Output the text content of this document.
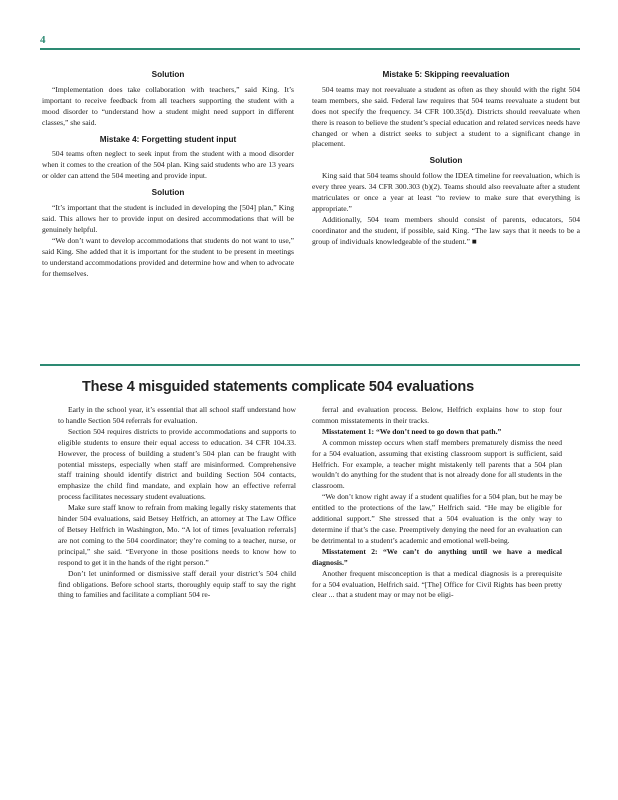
4
Solution

“Implementation does take collaboration with teachers,” said King. It’s important to receive feedback from all teachers supporting the student with a mood disorder to “understand how a student might need support in different classes,” she said.

Mistake 4: Forgetting student input

504 teams often neglect to seek input from the student with a mood disorder when it comes to the creation of the 504 plan. King said students who are 13 years or older can attend the 504 meeting and provide input.

Solution

“It’s important that the student is included in developing the [504] plan,” King said. This allows her to provide input on desired accommodations that will be genuinely helpful.

“We don’t want to develop accommodations that students do not want to use,” said King. She added that it is important for the student to be present in meetings to understand accommodations provided and determine how and when to advocate for themselves.

Mistake 5: Skipping reevaluation

504 teams may not reevaluate a student as often as they should with the right 504 team members, she said. Federal law requires that 504 teams reevaluate a student but does not specify the frequency. 34 CFR 100.35(d). Districts should reevaluate when there is reason to believe the student’s special education and related services needs have changed or when a district seeks to subject a student to a significant change in placement.

Solution

King said that 504 teams should follow the IDEA timeline for reevaluation, which is every three years. 34 CFR 300.303 (b)(2). Teams should also reevaluate after a student matriculates or once a year at least “to review to make sure that everything is appropriate.”

Additionally, 504 team members should consist of parents, educators, 504 coordinator and the student, if possible, said King. “The law says that it needs to be a group of individuals knowledgeable of the student.” ■

These 4 misguided statements complicate 504 evaluations

Early in the school year, it’s essential that all school staff understand how to handle Section 504 referrals for evaluation.

Section 504 requires districts to provide accommodations and supports to eligible students to ensure their equal access to education. 34 CFR 104.33. However, the process of building a student’s 504 plan can be fraught with potential missteps, especially when staff are misinformed. Comprehensive staff training should identify district and building Section 504 contacts, emphasize the child find mandate, and explain how an effective referral process facilitates necessary student evaluations.

Make sure staff know to refrain from making legally risky statements that hinder 504 evaluations, said Betsey Helfrich, an attorney at The Law Office of Betsey Helfrich in Washington, Mo. “A lot of times [evaluation referrals] are not coming to the 504 coordinator; they’re coming to a teacher, nurse, or principal,” she said. “Everyone in those positions needs to know how to respond to get it in the hands of the right person.”

Don’t let uninformed or dismissive staff derail your district’s 504 child find obligations. Before school starts, thoroughly equip staff to say the right thing to families and facilitate a compliant 504 re-

ferral and evaluation process. Below, Helfrich explains how to stop four common misstatements in their tracks.

Misstatement 1: “We don’t need to go down that path.”

A common misstep occurs when staff members prematurely dismiss the need for a 504 evaluation, assuming that existing classroom support is sufficient, said Helfrich. For example, a teacher might mistakenly tell parents that a 504 plan wouldn’t do anything for the student that is not already done for all students in the classroom.

“We don’t know right away if a student qualifies for a 504 plan, but he may be entitled to the protections of the law,” Helfrich said. “He may be eligible for additional support.” She stressed that a 504 evaluation is the only way to determine if that’s the case. Preemptively denying the need for an evaluation can be detrimental to a student’s academic and emotional well-being.

Misstatement 2: “We can’t do anything until we have a medical diagnosis.”

Another frequent misconception is that a medical diagnosis is a prerequisite for a 504 evaluation, Helfrich said. “[The] Office for Civil Rights has been pretty clear ... that a student may or may not be eligi-
